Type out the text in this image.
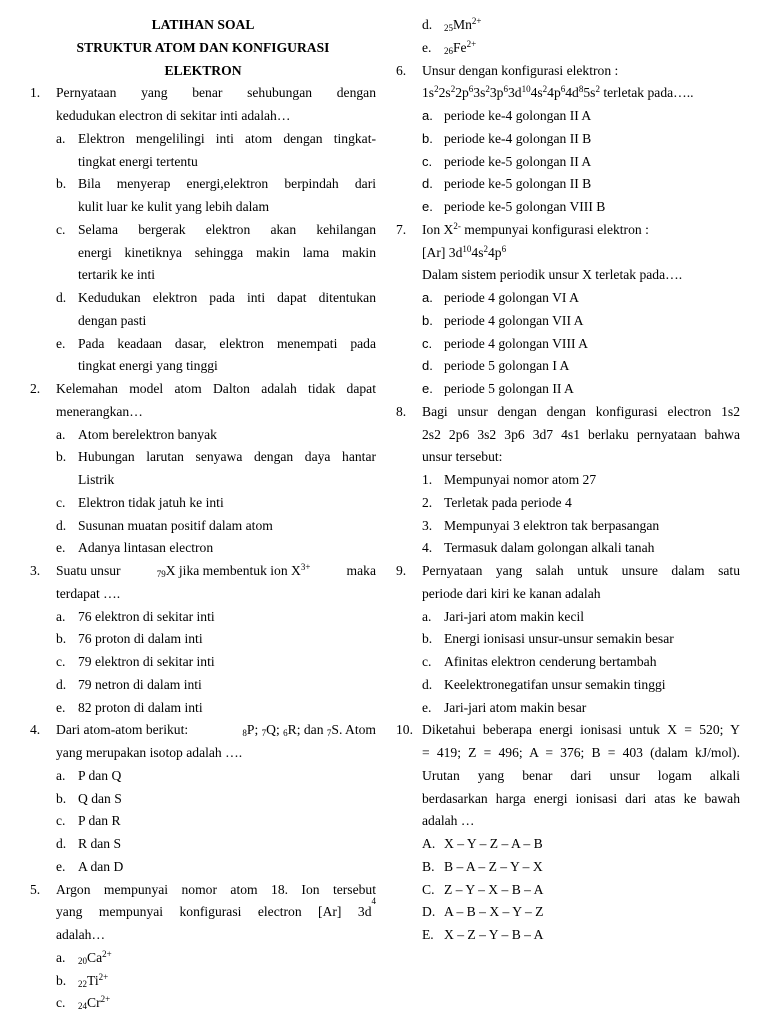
LATIHAN SOAL
STRUKTUR ATOM DAN KONFIGURASI
ELEKTRON
1.	Pernyataan yang benar sehubungan dengan
kedudukan electron di sekitar inti adalah…
a. Elektron mengelilingi inti atom dengan tingkat-
tingkat energi tertentu
b. Bila menyerap energi,elektron berpindah dari
kulit luar ke kulit yang lebih dalam
c. Selama bergerak elektron akan kehilangan
energi kinetiknya sehingga makin lama makin
tertarik ke inti
d. Kedudukan elektron pada inti dapat ditentukan
dengan pasti
e. Pada keadaan dasar, elektron menempati pada
tingkat energi yang tinggi
2.	Kelemahan model atom Dalton adalah tidak dapat
menerangkan…
a. Atom berelektron banyak
b. Hubungan larutan senyawa dengan daya hantar
Listrik
c. Elektron tidak jatuh ke inti
d. Susunan muatan positif dalam atom
e. Adanya lintasan electron
3.	Suatu unsur	$_{79}$X jika membentuk ion $X^{3+}$	maka
terdapat ….
a. 76 elektron di sekitar inti
b. 76 proton di dalam inti
c. 79 elektron di sekitar inti
d. 79 netron di dalam inti
e. 82 proton di dalam inti
4.	Dari atom-atom berikut:	$_8$P; $_7$Q; $_6$R; dan $_7$S. Atom
yang merupakan isotop adalah ….
a. P dan Q
b. Q dan S
c. P dan R
d. R dan S
e. A dan D
5.	Argon mempunyai nomor atom 18. Ion tersebut
yang mempunyai konfigurasi electron [Ar] 3d
4
adalah…
a.	$_{20}Ca^{2+}$
b.	$_{22}Ti^{2+}$
c.	$_{24}Cr^{2+}$
d.	$_{25}Mn^{2+}$
e.	$_{26}Fe^{2+}$
6.	Unsur dengan konfigurasi elektron :
$1s^22s^22p^63s^23p^63d^{10}4s^24p^64d^85s^2$ terletak pada…..
a. periode ke-4 golongan II A
b. periode ke-4 golongan II B
c. periode ke-5 golongan II A
d. periode ke-5 golongan II B
e. periode ke-5 golongan VIII B
7.	Ion $X^{2-}$ mempunyai konfigurasi elektron :
[Ar] $3d^{10}4s^24p^6$
Dalam sistem periodik unsur X terletak pada….
a. periode 4 golongan VI A
b. periode 4 golongan VII A
c. periode 4 golongan VIII A
d. periode 5 golongan I A
e. periode 5 golongan II A
8.	Bagi unsur dengan dengan konfigurasi electron 1s2
2s2 2p6 3s2 3p6 3d7 4s1 berlaku pernyataan bahwa
unsur tersebut:
1. Mempunyai nomor atom 27
2. Terletak pada periode 4
3. Mempunyai 3 elektron tak berpasangan
4. Termasuk dalam golongan alkali tanah
9.	Pernyataan yang salah untuk unsure dalam satu
periode dari kiri ke kanan adalah
a. Jari-jari atom makin kecil
b. Energi ionisasi unsur-unsur semakin besar
c. Afinitas elektron cenderung bertambah
d. Keelektronegatifan unsur semakin tinggi
e. Jari-jari atom makin besar
10. Diketahui beberapa energi ionisasi untuk X = 520; Y
= 419; Z = 496; A = 376; B = 403 (dalam kJ/mol).
Urutan yang benar dari unsur logam alkali
berdasarkan harga energi ionisasi dari atas ke bawah
adalah …
A. X – Y – Z – A – B
B. B – A – Z – Y – X
C. Z – Y – X – B – A
D. A – B – X – Y – Z
E. X – Z – Y – B – A
